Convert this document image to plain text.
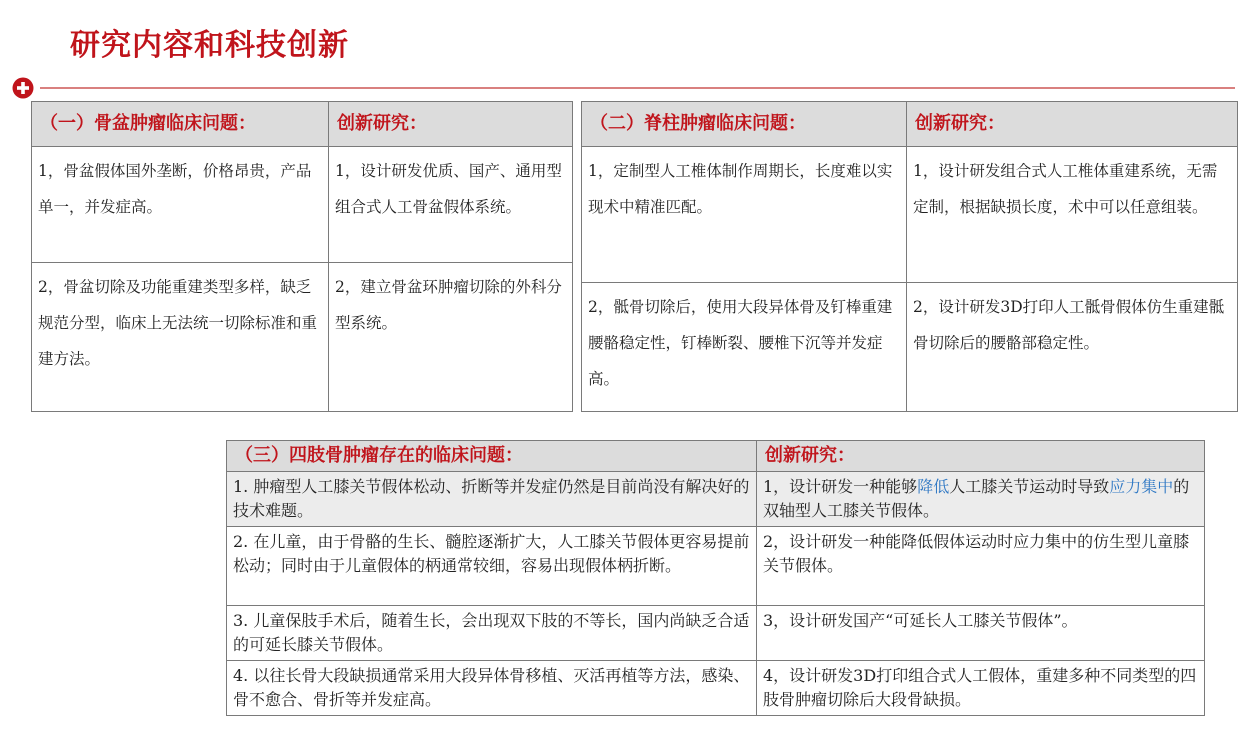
研究内容和科技创新
（一）骨盆肿瘤临床问题：	创新研究：
1，骨盆假体国外垄断，价格昂贵，产品单一，并发症高。	1，设计研发优质、国产、通用型组合式人工骨盆假体系统。
2，骨盆切除及功能重建类型多样，缺乏规范分型，临床上无法统一切除标准和重建方法。	2，建立骨盆环肿瘤切除的外科分型系统。
（二）脊柱肿瘤临床问题：	创新研究：
1，定制型人工椎体制作周期长，长度难以实现术中精准匹配。	1，设计研发组合式人工椎体重建系统，无需定制，根据缺损长度，术中可以任意组装。
2，骶骨切除后，使用大段异体骨及钉棒重建腰骼稳定性，钉棒断裂、腰椎下沉等并发症高。	2，设计研发3D打印人工骶骨假体仿生重建骶骨切除后的腰骼部稳定性。
（三）四肢骨肿瘤存在的临床问题：	创新研究：
1. 肿瘤型人工膝关节假体松动、折断等并发症仍然是目前尚没有解决好的技术难题。	1，设计研发一种能够降低人工膝关节运动时导致应力集中的双轴型人工膝关节假体。
2. 在儿童，由于骨骼的生长、髓腔逐渐扩大，人工膝关节假体更容易提前松动；同时由于儿童假体的柄通常较细，容易出现假体柄折断。	2，设计研发一种能降低假体运动时应力集中的仿生型儿童膝关节假体。
3. 儿童保肢手术后，随着生长，会出现双下肢的不等长，国内尚缺乏合适的可延长膝关节假体。	3，设计研发国产“可延长人工膝关节假体”。
4. 以往长骨大段缺损通常采用大段异体骨移植、灭活再植等方法，感染、骨不愈合、骨折等并发症高。	4，设计研发3D打印组合式人工假体，重建多种不同类型的四肢骨肿瘤切除后大段骨缺损。
